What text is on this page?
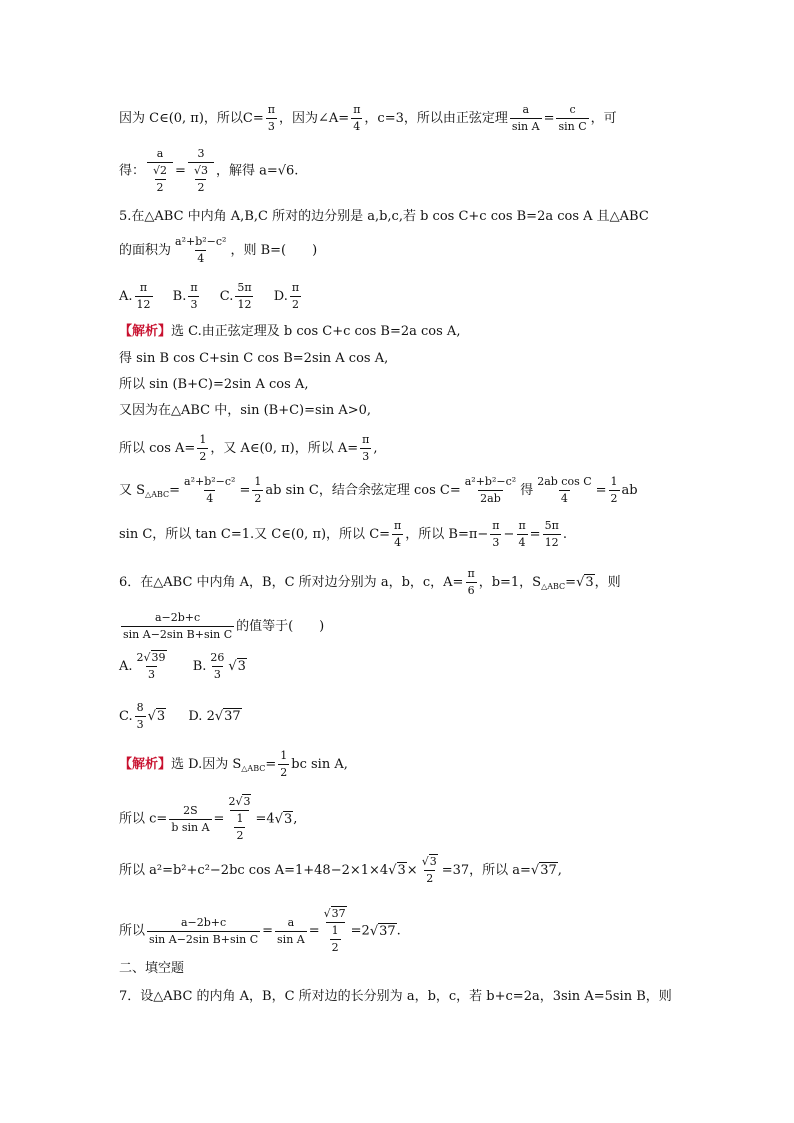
因为 C∈(0, π)，所以$C= \frac{\pi}{3}$ ，因为∠A= $\frac{\pi}{4}$ ，c=3，所以由正弦定理 $\frac{a}{\text{sin A}} = \frac{c}{\text{sin C}}$ ，可
得： $\frac{a}{\frac{√2}{2}} = \frac{3}{\frac{√3}{2}}$ ，解得 a=√6.
5.在△ABC 中内角 A,B,C 所对的边分别是 a,b,c,若 b cos C+c cos B=2a cos A 且△ABC
的面积为 $\frac{\text{a²+b²−c²}}{4}$ ，则 B=(　　)
A. $\frac{\pi}{12} B$. $\frac{\pi}{3} C$. $\frac{5\pi}{12} D$. $\frac{\pi}{2}$
【解析】选 C.由正弦定理及 b cos C+c cos B=2a cos A,
得 sin B cos C+sin C cos B=2sin A cos A,
所以 sin (B+C)=2sin A cos A,
又因为在△ABC 中，sin (B+C)=sin A>0,
所以 $\cos A= \frac{1}{2}$ ，又 A∈(0, π)，所以 $A= \frac{\pi}{3}$ ,
又 $S_{\triangle ABC}= \frac{\text{a²+b²−c²}}{4} = \frac{1}{2}$ ab sin C，结合余弦定理 $\cos C= \frac{\text{a²+b²−c²}}{2ab}$ 得 $\frac{\text{2ab cos C}}{4} = \frac{1}{2}$ ab
sin C，所以 tan C=1.又 C∈(0, π)，所以 $C= \frac{\pi}{4}$ ，所以 $B=\pi- \frac{\pi}{3} - \frac{\pi}{4} = \frac{5\pi}{12}$ .
6．在△ABC 中内角 A，B，C 所对边分别为 a，b，c，$A= \frac{\pi}{6}$ ，b=1，$S_{\triangle ABC}=√3$，则
$\frac{a-2b+c}{\text{sin A−2sin B+sin C}}$ 的值等于(　　)
A. $\frac{2√39}{3} B$. $\frac{26}{3} √3$
C. $\frac{8}{3} √3$ D. 2√37
【解析】选 D.因为 $S_{\triangle ABC}= \frac{1}{2}$ bc sin A,
所以 $c= \frac{2S}{\text{b sin A}} = \frac{2√3}{\frac{1}{2}} =4√3$,
所以 a²=b²+c²−2bc $\cos A=1+48-2\times 1\times 4√3\times \frac{√3}{2} =37$，所以 a=√37,
所以 $\frac{a-2b+c}{\text{sin A−2sin B+sin C}} = \frac{a}{\text{sin A}} = \frac{√37}{\frac{1}{2}} =2√37$.
二、填空题
7．设△ABC 的内角 A，B，C 所对边的长分别为 a，b，c，若 b+c=2a，3sin A=5sin B，则
